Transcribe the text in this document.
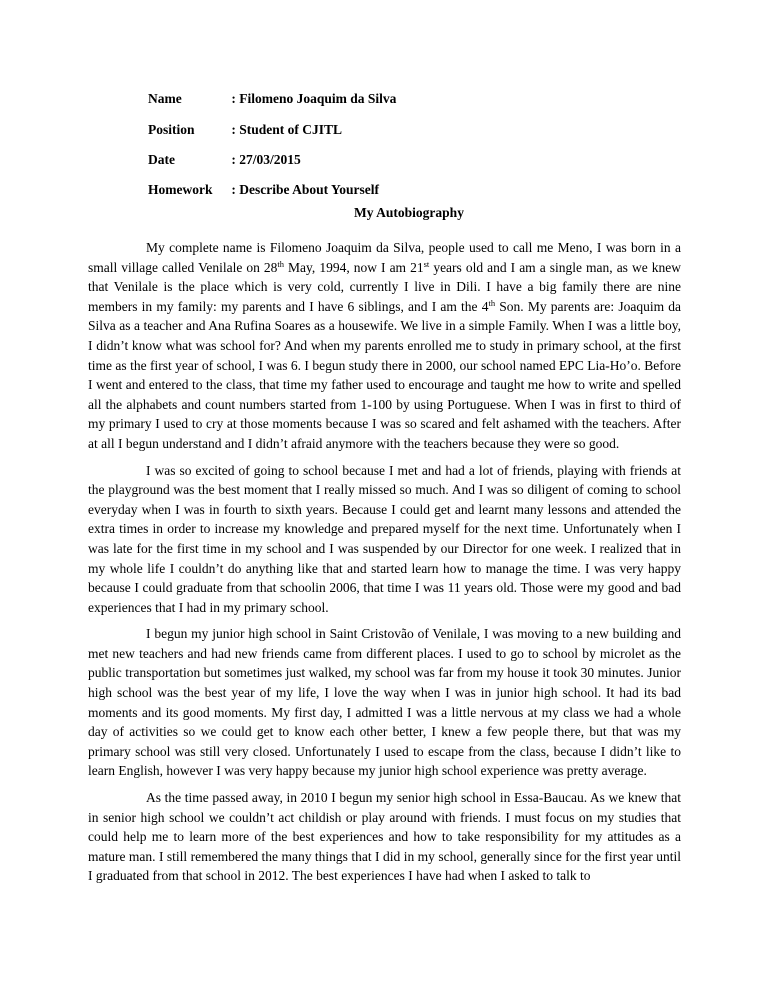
Name	: Filomeno Joaquim da Silva
Position	: Student of CJITL
Date	: 27/03/2015
Homework : Describe About Yourself
My Autobiography

My complete name is Filomeno Joaquim da Silva, people used to call me Meno, I was born in a small village called Venilale on 28th May, 1994, now I am 21st years old and I am a single man, as we knew that Venilale is the place which is very cold, currently I live in Dili. I have a big family there are nine members in my family: my parents and I have 6 siblings, and I am the 4th Son. My parents are: Joaquim da Silva as a teacher and Ana Rufina Soares as a housewife. We live in a simple Family. When I was a little boy, I didn’t know what was school for? And when my parents enrolled me to study in primary school, at the first time as the first year of school, I was 6. I begun study there in 2000, our school named EPC Lia-Ho’o. Before I went and entered to the class, that time my father used to encourage and taught me how to write and spelled all the alphabets and count numbers started from 1-100 by using Portuguese. When I was in first to third of my primary I used to cry at those moments because I was so scared and felt ashamed with the teachers. After at all I begun understand and I didn’t afraid anymore with the teachers because they were so good.

I was so excited of going to school because I met and had a lot of friends, playing with friends at the playground was the best moment that I really missed so much. And I was so diligent of coming to school everyday when I was in fourth to sixth years. Because I could get and learnt many lessons and attended the extra times in order to increase my knowledge and prepared myself for the next time. Unfortunately when I was late for the first time in my school and I was suspended by our Director for one week. I realized that in my whole life I couldn’t do anything like that and started learn how to manage the time. I was very happy because I could graduate from that schoolin 2006, that time I was 11 years old. Those were my good and bad experiences that I had in my primary school.

I begun my junior high school in Saint Cristovão of Venilale, I was moving to a new building and met new teachers and had new friends came from different places. I used to go to school by microlet as the public transportation but sometimes just walked, my school was far from my house it took 30 minutes. Junior high school was the best year of my life, I love the way when I was in junior high school. It had its bad moments and its good moments. My first day, I admitted I was a little nervous at my class we had a whole day of activities so we could get to know each other better, I knew a few people there, but that was my primary school was still very closed. Unfortunately I used to escape from the class, because I didn’t like to learn English, however I was very happy because my junior high school experience was pretty average.

As the time passed away, in 2010 I begun my senior high school in Essa-Baucau. As we knew that in senior high school we couldn’t act childish or play around with friends. I must focus on my studies that could help me to learn more of the best experiences and how to take responsibility for my attitudes as a mature man. I still remembered the many things that I did in my school, generally since for the first year until I graduated from that school in 2012. The best experiences I have had when I asked to talk to
